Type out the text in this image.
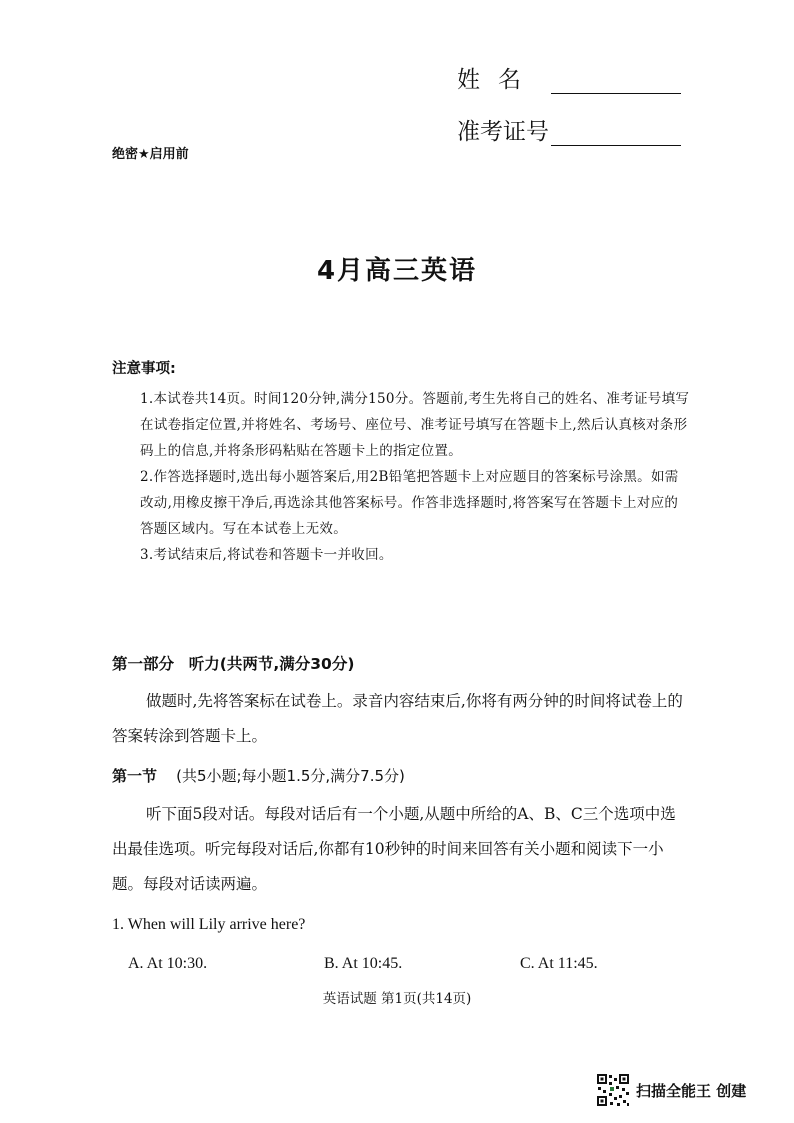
姓名
准考证号
绝密★启用前
4月高三英语
注意事项:
1.本试卷共14页。时间120分钟,满分150分。答题前,考生先将自己的姓名、准考证号填写在试卷指定位置,并将姓名、考场号、座位号、准考证号填写在答题卡上,然后认真核对条形码上的信息,并将条形码粘贴在答题卡上的指定位置。
2.作答选择题时,选出每小题答案后,用2B铅笔把答题卡上对应题目的答案标号涂黑。如需改动,用橡皮擦干净后,再选涂其他答案标号。作答非选择题时,将答案写在答题卡上对应的答题区域内。写在本试卷上无效。
3.考试结束后,将试卷和答题卡一并收回。
第一部分 听力(共两节,满分30分)
做题时,先将答案标在试卷上。录音内容结束后,你将有两分钟的时间将试卷上的答案转涂到答题卡上。
第一节 (共5小题;每小题1.5分,满分7.5分)
听下面5段对话。每段对话后有一个小题,从题中所给的A、B、C三个选项中选出最佳选项。听完每段对话后,你都有10秒钟的时间来回答有关小题和阅读下一小题。每段对话读两遍。
1. When will Lily arrive here?
A. At 10:30.	B. At 10:45.	C. At 11:45.
英语试题 第1页(共14页)
扫描全能王 创建
